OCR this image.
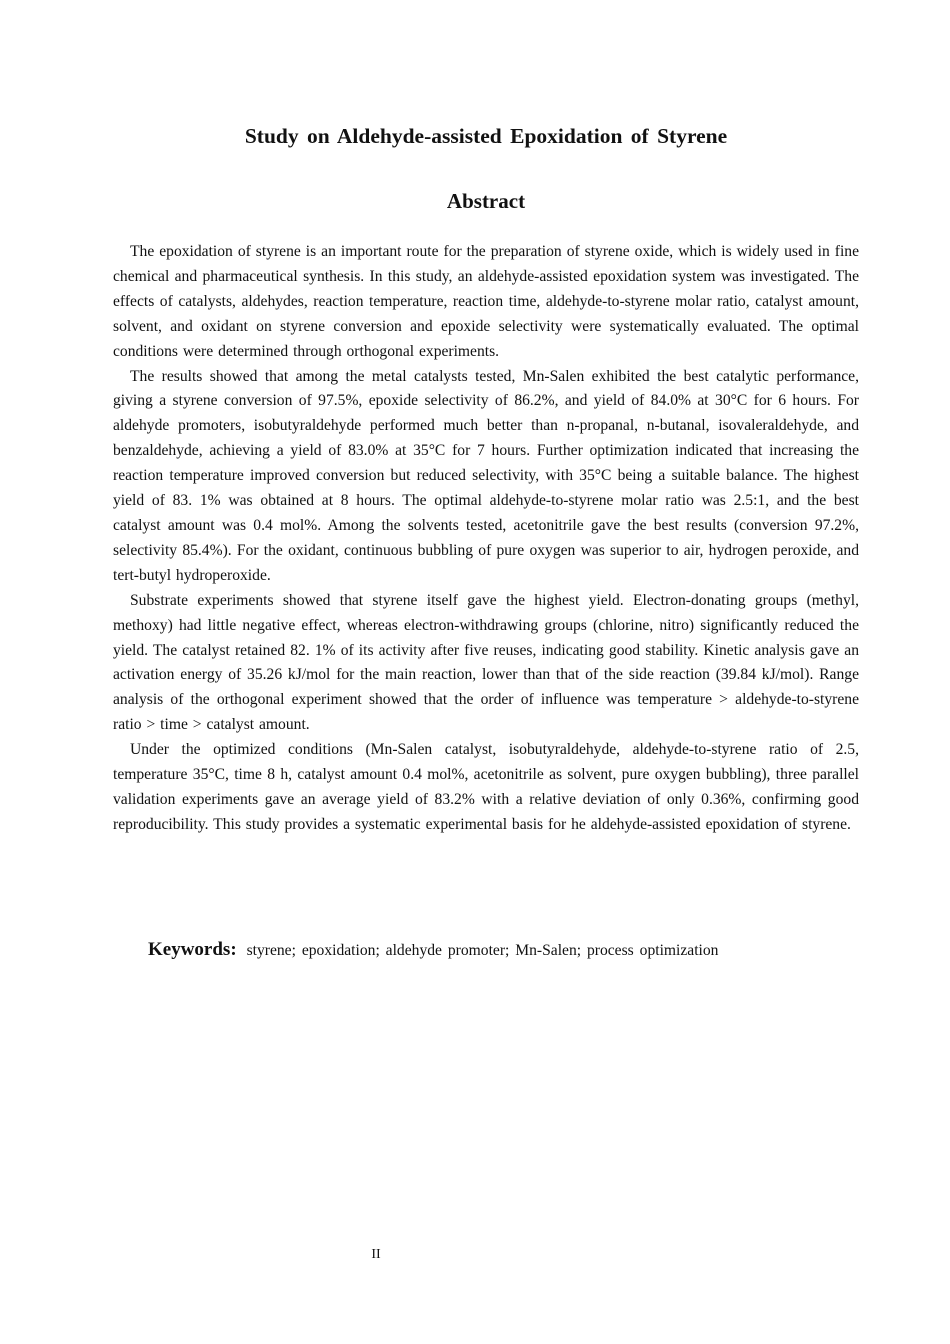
Study on Aldehyde-assisted Epoxidation of Styrene
Abstract

The epoxidation of styrene is an important route for the preparation of styrene oxide, which is widely used in fine chemical and pharmaceutical synthesis. In this study, an aldehyde-assisted epoxidation system was investigated. The effects of catalysts, aldehydes, reaction temperature, reaction time, aldehyde-to-styrene molar ratio, catalyst amount, solvent, and oxidant on styrene conversion and epoxide selectivity were systematically evaluated. The optimal conditions were determined through orthogonal experiments.

The results showed that among the metal catalysts tested, Mn-Salen exhibited the best catalytic performance, giving a styrene conversion of 97.5%, epoxide selectivity of 86.2%, and yield of 84.0% at 30°C for 6 hours. For aldehyde promoters, isobutyraldehyde performed much better than n-propanal, n-butanal, isovaleraldehyde, and benzaldehyde, achieving a yield of 83.0% at 35°C for 7 hours. Further optimization indicated that increasing the reaction temperature improved conversion but reduced selectivity, with 35°C being a suitable balance. The highest yield of 83. 1% was obtained at 8 hours. The optimal aldehyde-to-styrene molar ratio was 2.5:1, and the best catalyst amount was 0.4 mol%. Among the solvents tested, acetonitrile gave the best results (conversion 97.2%, selectivity 85.4%). For the oxidant, continuous bubbling of pure oxygen was superior to air, hydrogen peroxide, and tert-butyl hydroperoxide.

Substrate experiments showed that styrene itself gave the highest yield. Electron-donating groups (methyl, methoxy) had little negative effect, whereas electron-withdrawing groups (chlorine, nitro) significantly reduced the yield. The catalyst retained 82. 1% of its activity after five reuses, indicating good stability. Kinetic analysis gave an activation energy of 35.26 kJ/mol for the main reaction, lower than that of the side reaction (39.84 kJ/mol). Range analysis of the orthogonal experiment showed that the order of influence was temperature > aldehyde-to-styrene ratio > time > catalyst amount.

Under the optimized conditions (Mn-Salen catalyst, isobutyraldehyde, aldehyde-to-styrene ratio of 2.5, temperature 35°C, time 8 h, catalyst amount 0.4 mol%, acetonitrile as solvent, pure oxygen bubbling), three parallel validation experiments gave an average yield of 83.2% with a relative deviation of only 0.36%, confirming good reproducibility. This study provides a systematic experimental basis for he aldehyde-assisted epoxidation of styrene.

Keywords: styrene; epoxidation; aldehyde promoter; Mn-Salen; process optimization
II
